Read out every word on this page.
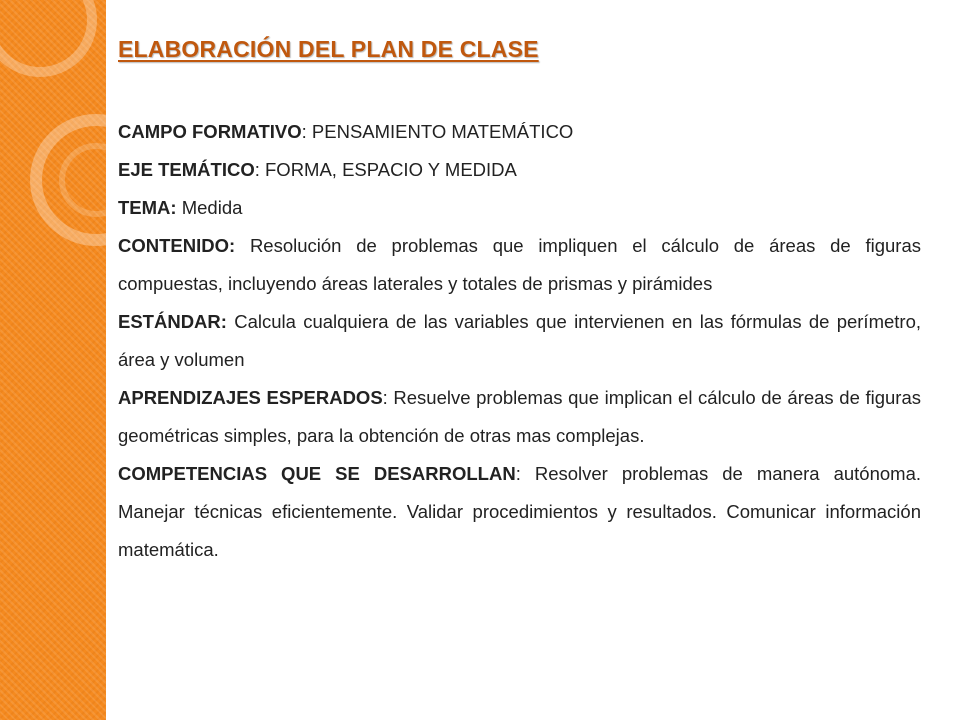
ELABORACIÓN DEL PLAN DE CLASE

CAMPO FORMATIVO: PENSAMIENTO MATEMÁTICO

EJE TEMÁTICO: FORMA, ESPACIO Y MEDIDA

TEMA: Medida

CONTENIDO: Resolución de problemas que impliquen el cálculo de áreas de figuras compuestas, incluyendo áreas laterales y totales de prismas y pirámides

ESTÁNDAR: Calcula cualquiera de las variables que intervienen en las fórmulas de perímetro, área y volumen

APRENDIZAJES ESPERADOS: Resuelve problemas que implican el cálculo de áreas de figuras geométricas simples, para la obtención de otras mas complejas.

COMPETENCIAS QUE SE DESARROLLAN: Resolver problemas de manera autónoma. Manejar técnicas eficientemente. Validar procedimientos y resultados. Comunicar información matemática.
